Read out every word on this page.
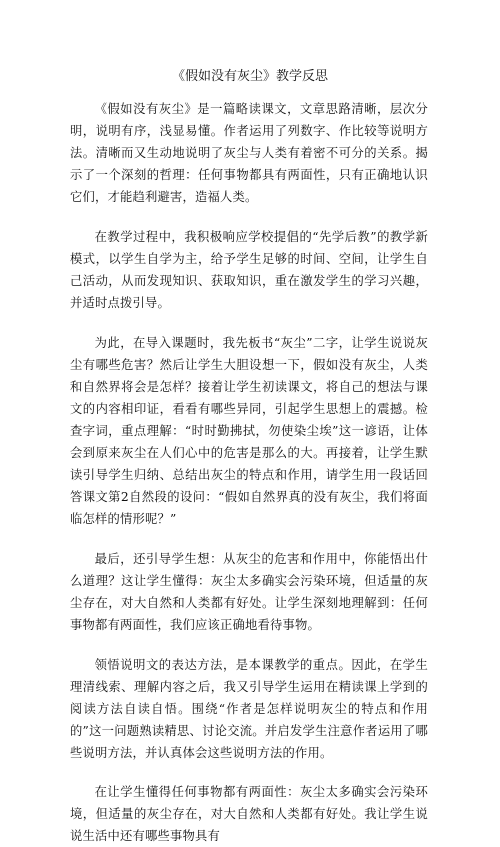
《假如没有灰尘》教学反思

《假如没有灰尘》是一篇略读课文，文章思路清晰，层次分明，说明有序，浅显易懂。作者运用了列数字、作比较等说明方法。清晰而又生动地说明了灰尘与人类有着密不可分的关系。揭示了一个深刻的哲理：任何事物都具有两面性，只有正确地认识它们，才能趋利避害，造福人类。

在教学过程中，我积极响应学校提倡的“先学后教”的教学新模式，以学生自学为主，给予学生足够的时间、空间，让学生自己活动，从而发现知识、获取知识，重在激发学生的学习兴趣，并适时点拨引导。

为此，在导入课题时，我先板书“灰尘”二字，让学生说说灰尘有哪些危害？然后让学生大胆设想一下，假如没有灰尘，人类和自然界将会是怎样？接着让学生初读课文，将自己的想法与课文的内容相印证，看看有哪些异同，引起学生思想上的震撼。检查字词，重点理解：“时时勤拂拭，勿使染尘埃”这一谚语，让体会到原来灰尘在人们心中的危害是那么的大。再接着，让学生默读引导学生归纳、总结出灰尘的特点和作用，请学生用一段话回答课文第2自然段的设问：“假如自然界真的没有灰尘，我们将面临怎样的情形呢？”

最后，还引导学生想：从灰尘的危害和作用中，你能悟出什么道理？这让学生懂得：灰尘太多确实会污染环境，但适量的灰尘存在，对大自然和人类都有好处。让学生深刻地理解到：任何事物都有两面性，我们应该正确地看待事物。

领悟说明文的表达方法，是本课教学的重点。因此，在学生理清线索、理解内容之后，我又引导学生运用在精读课上学到的阅读方法自读自悟。围绕“作者是怎样说明灰尘的特点和作用的”这一问题熟读精思、讨论交流。并启发学生注意作者运用了哪些说明方法，并认真体会这些说明方法的作用。

在让学生懂得任何事物都有两面性：灰尘太多确实会污染环境，但适量的灰尘存在，对大自然和人类都有好处。我让学生说说生活中还有哪些事物具有
